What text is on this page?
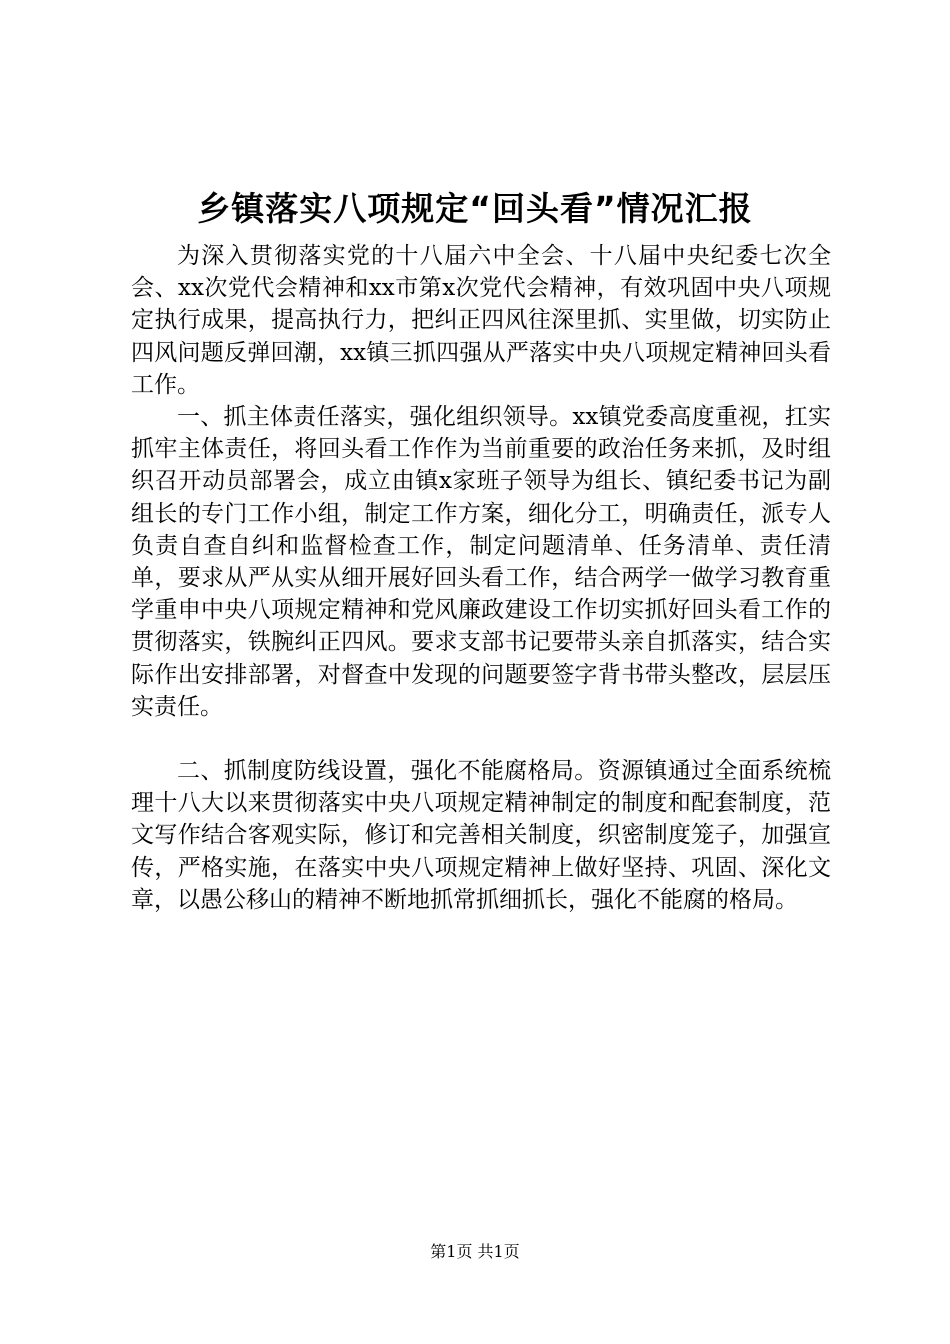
乡镇落实八项规定“回头看”情况汇报

为深入贯彻落实党的十八届六中全会、十八届中央纪委七次全会、xx次党代会精神和xx市第x次党代会精神，有效巩固中央八项规定执行成果，提高执行力，把纠正四风往深里抓、实里做，切实防止四风问题反弹回潮，xx镇三抓四强从严落实中央八项规定精神回头看工作。

一、抓主体责任落实，强化组织领导。xx镇党委高度重视，扛实抓牢主体责任，将回头看工作作为当前重要的政治任务来抓，及时组织召开动员部署会，成立由镇x家班子领导为组长、镇纪委书记为副组长的专门工作小组，制定工作方案，细化分工，明确责任，派专人负责自查自纠和监督检查工作，制定问题清单、任务清单、责任清单，要求从严从实从细开展好回头看工作，结合两学一做学习教育重学重申中央八项规定精神和党风廉政建设工作切实抓好回头看工作的贯彻落实，铁腕纠正四风。要求支部书记要带头亲自抓落实，结合实际作出安排部署，对督查中发现的问题要签字背书带头整改，层层压实责任。

二、抓制度防线设置，强化不能腐格局。资源镇通过全面系统梳理十八大以来贯彻落实中央八项规定精神制定的制度和配套制度，范文写作结合客观实际，修订和完善相关制度，织密制度笼子，加强宣传，严格实施，在落实中央八项规定精神上做好坚持、巩固、深化文章，以愚公移山的精神不断地抓常抓细抓长，强化不能腐的格局。

第1页 共1页
